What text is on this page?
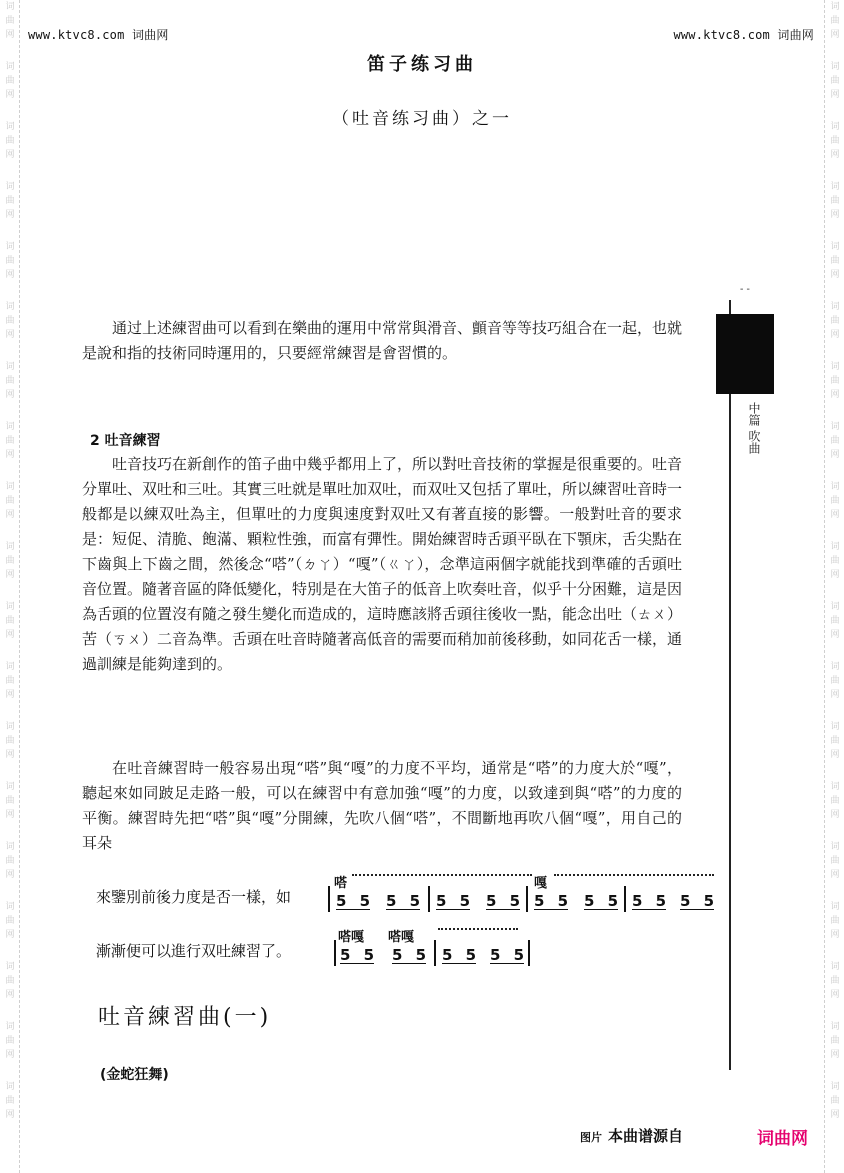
词
曲
网
词
曲
网
词
曲
网
词
曲
网
词
曲
网
词
曲
网
词
曲
网
词
曲
网
词
曲
网
词
曲
网
词
曲
网
词
曲
网
词
曲
网
词
曲
网
词
曲
网
词
曲
网
词
曲
网
词
曲
网
词
曲
网
词
曲
网
词
曲
网
词
曲
网
词
曲
网
词
曲
网
词
曲
网
词
曲
网
词
曲
网
词
曲
网
词
曲
网
词
曲
网
词
曲
网
词
曲
网
词
曲
网
词
曲
网
词
曲
网
词
曲
网
词
曲
网
词
曲
网
www.ktvc8.com 词曲网	www.ktvc8.com 词曲网
笛子练习曲
（吐音练习曲）之一
- -
中篇 吹曲
通过上述練習曲可以看到在樂曲的運用中常常與滑音、顫音等等技巧組合在一起，也就是說和指的技術同時運用的，只要經常練習是會習慣的。
2 吐音練習
吐音技巧在新創作的笛子曲中幾乎都用上了，所以對吐音技術的掌握是很重要的。吐音分單吐、双吐和三吐。其實三吐就是單吐加双吐，而双吐又包括了單吐，所以練習吐音時一般都是以練双吐為主，但單吐的力度與速度對双吐又有著直接的影響。一般對吐音的要求是：短促、清脆、飽滿、顆粒性強，而富有彈性。開始練習時舌頭平臥在下顎床，舌尖點在下齒與上下齒之間，然後念“嗒”（ㄉㄚ）“嘎”（ㄍㄚ），念準這兩個字就能找到準確的舌頭吐音位置。隨著音區的降低變化，特別是在大笛子的低音上吹奏吐音，似乎十分困難，這是因為舌頭的位置沒有隨之發生變化而造成的，這時應該將舌頭往後收一點，能念出吐（ㄊㄨ）苦（ㄎㄨ）二音為準。舌頭在吐音時隨著高低音的需要而稍加前後移動，如同花舌一樣，通過訓練是能夠達到的。
在吐音練習時一般容易出現“嗒”與“嘎”的力度不平均，通常是“嗒”的力度大於“嘎”，聽起來如同跛足走路一般，可以在練習中有意加強“嘎”的力度，以致達到與“嗒”的力度的平衡。練習時先把“嗒”與“嘎”分開練，先吹八個“嗒”，不間斷地再吹八個“嘎”，用自己的耳朵
來鑒別前後力度是否一樣，如
嗒	嘎
5 5 5 5 5 5 5 5 5 5 5 5 5 5 5 5
漸漸便可以進行双吐練習了。
嗒嘎 嗒嘎
5 5 5 5 5 5 5 5
吐音練習曲(一)
(金蛇狂舞)
图片 本曲谱源自	词曲网
